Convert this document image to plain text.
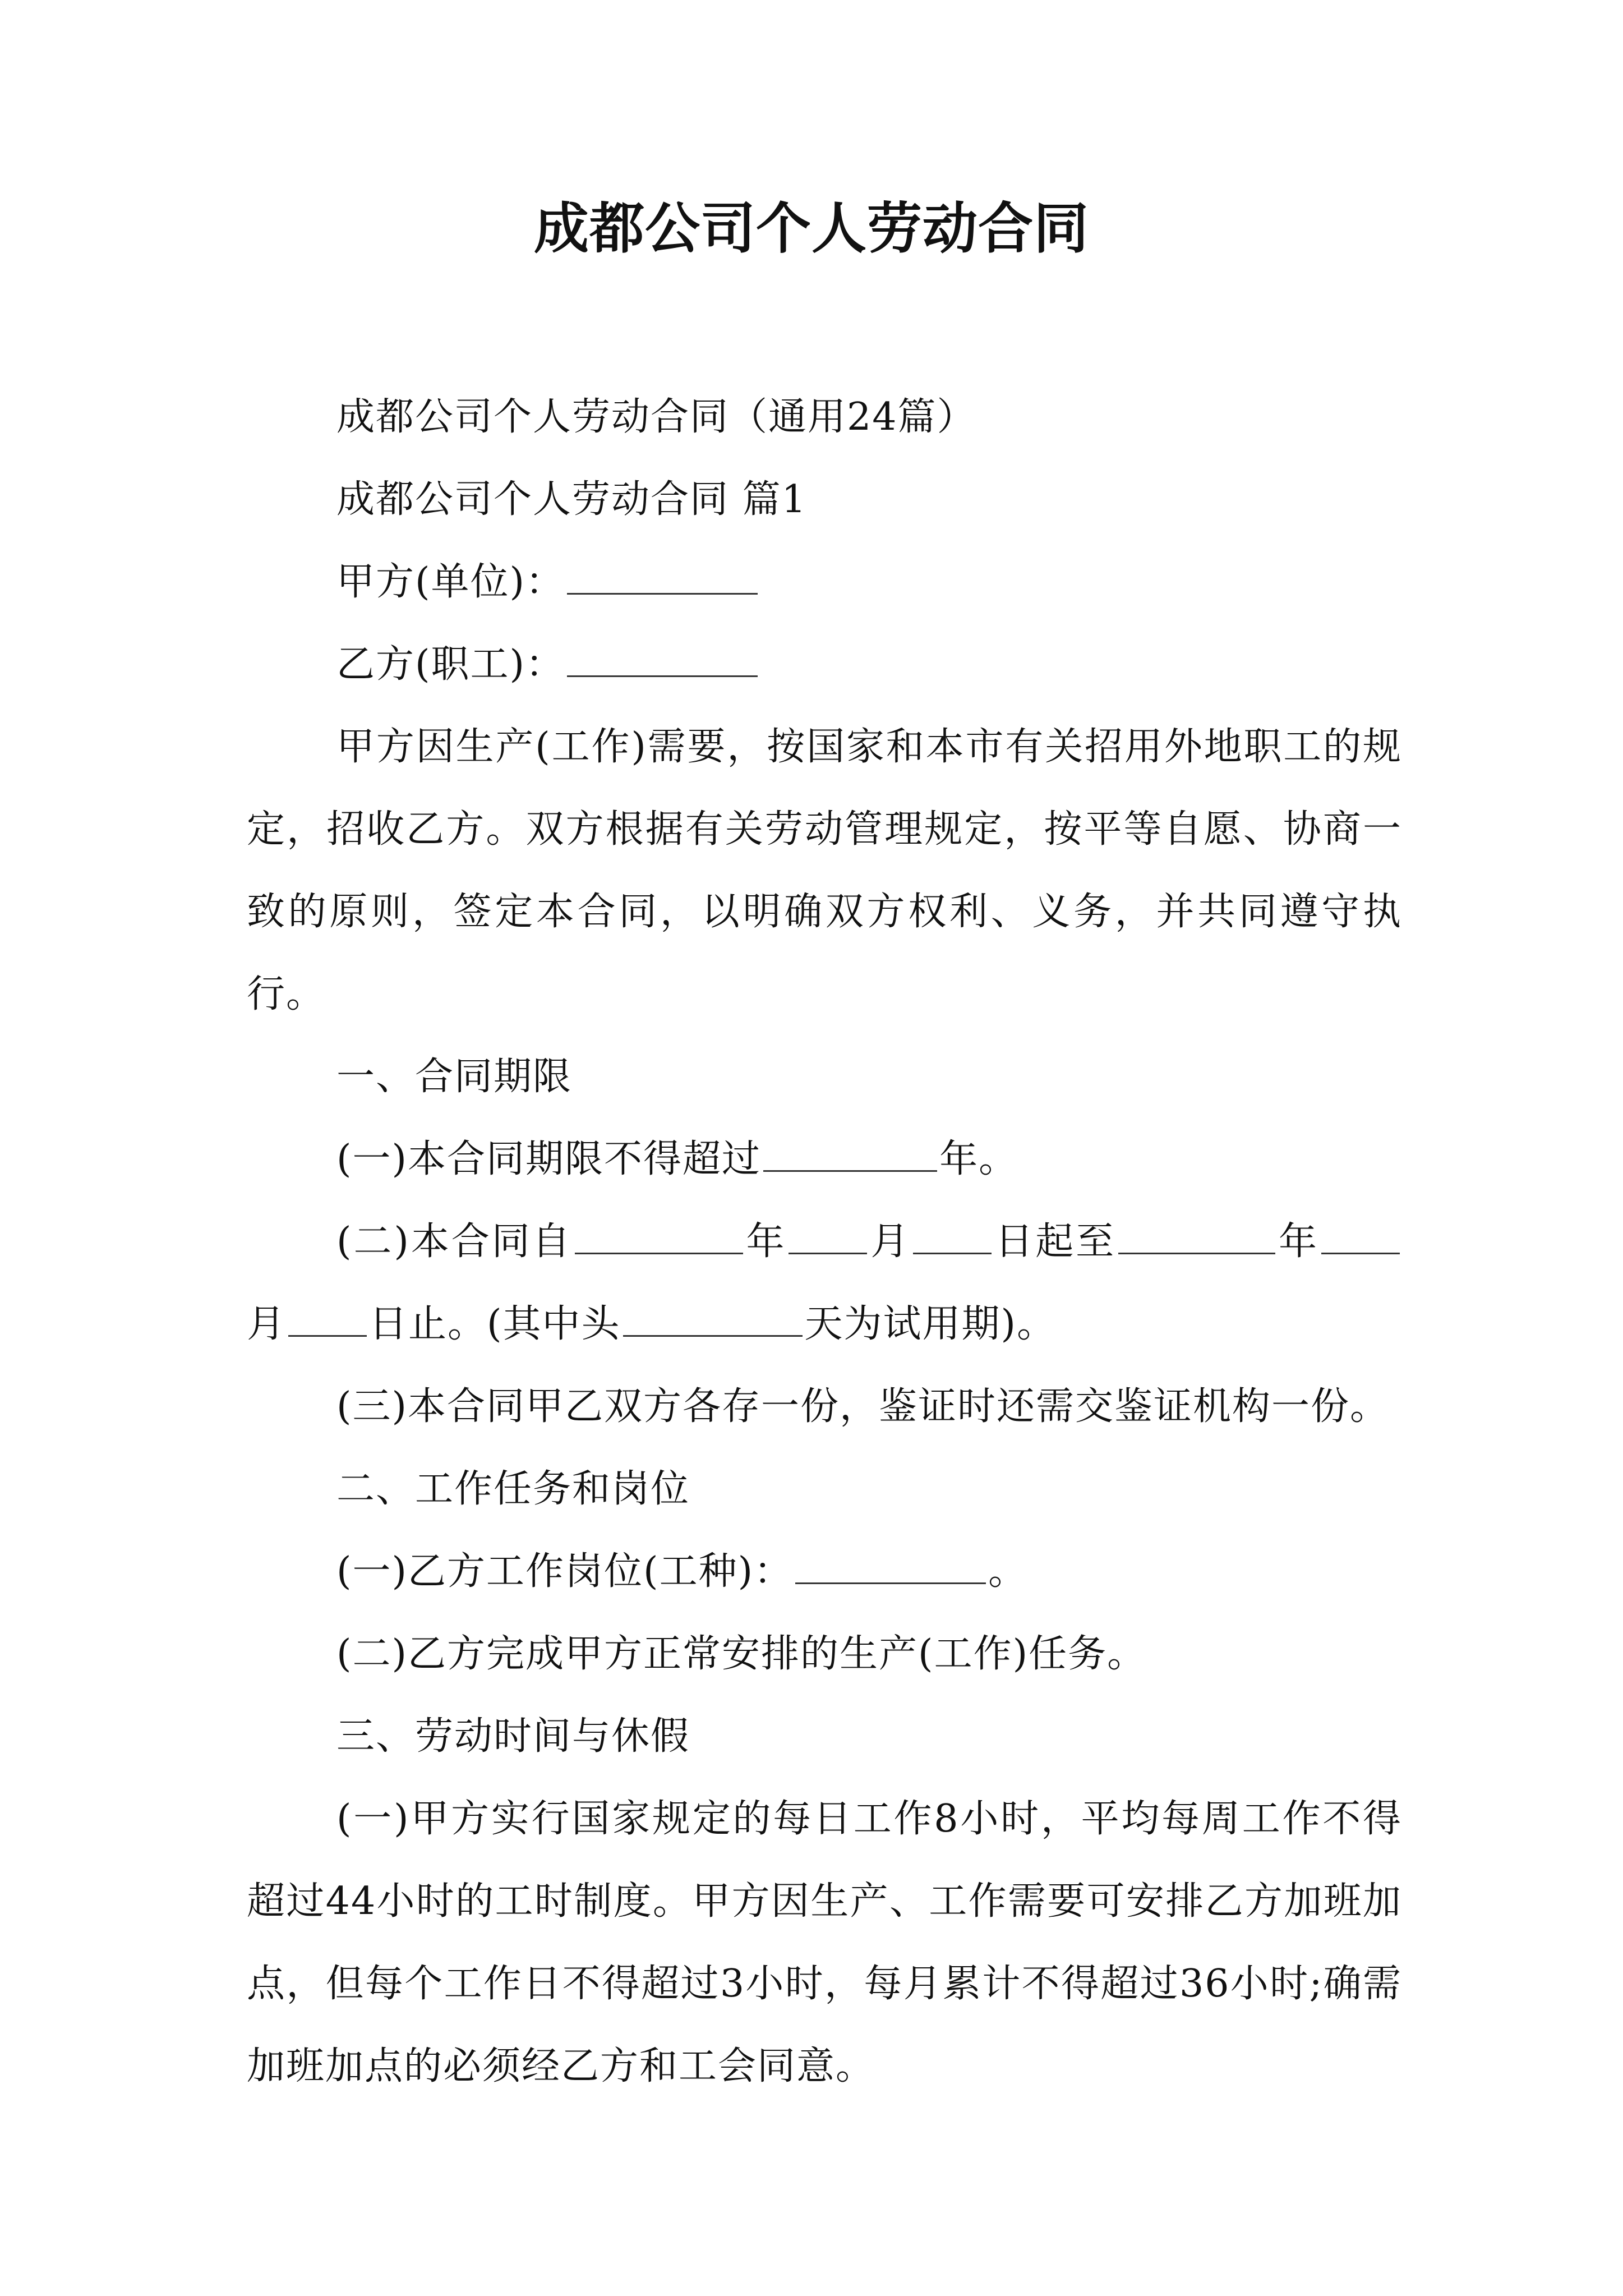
成都公司个人劳动合同

成都公司个人劳动合同（通用24篇）

成都公司个人劳动合同 篇1

甲方(单位)：

乙方(职工)：

甲方因生产(工作)需要，按国家和本市有关招用外地职工的规定，招收乙方。双方根据有关劳动管理规定，按平等自愿、协商一致的原则，签定本合同，以明确双方权利、义务，并共同遵守执行。

一、合同期限

(一)本合同期限不得超过	年。

(二)本合同自	年 月 日起至	年月 日止。(其中头	天为试用期)。

(三)本合同甲乙双方各存一份，鉴证时还需交鉴证机构一份。

二、工作任务和岗位

(一)乙方工作岗位(工种)：	。

(二)乙方完成甲方正常安排的生产(工作)任务。

三、劳动时间与休假

(一)甲方实行国家规定的每日工作8小时，平均每周工作不得超过44小时的工时制度。甲方因生产、工作需要可安排乙方加班加点，但每个工作日不得超过3小时，每月累计不得超过36小时;确需加班加点的必须经乙方和工会同意。
